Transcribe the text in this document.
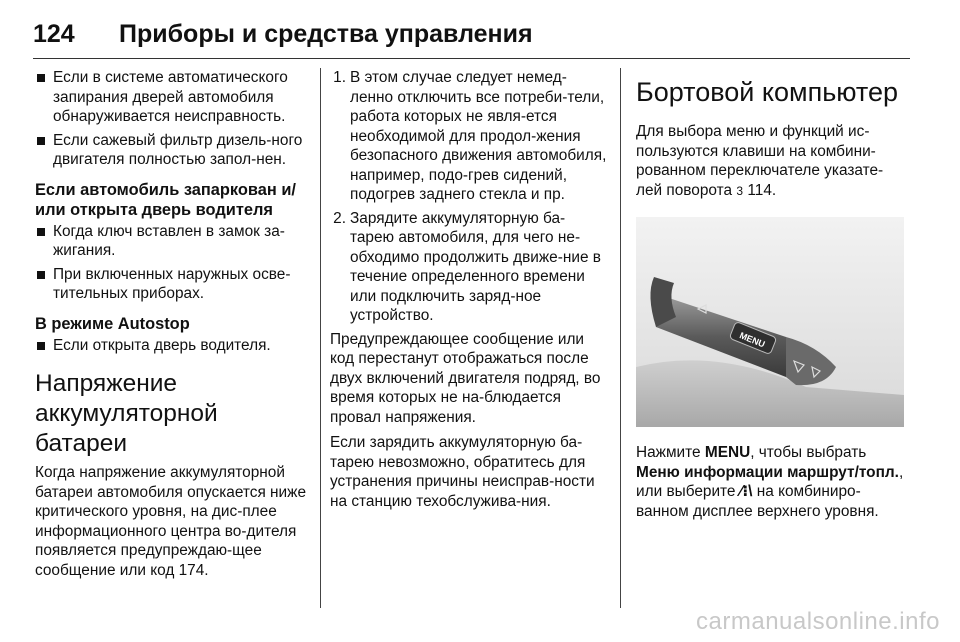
124 Приборы и средства управления
Если в системе автоматического запирания дверей автомобиля обнаруживается неисправность.
Если сажевый фильтр дизель-ного двигателя полностью запол-нен.
Если автомобиль запаркован и/или открыта дверь водителя
Когда ключ вставлен в замок за-жигания.
При включенных наружных осве-тительных приборах.
В режиме Autostop
Если открыта дверь водителя.
Напряжение аккумуляторной батареи

Когда напряжение аккумуляторной батареи автомобиля опускается ниже критического уровня, на дис-плее информационного центра во-дителя появляется предупреждаю-щее сообщение или код 174.

1. В этом случае следует немед-ленно отключить все потреби-тели, работа которых не явля-ется необходимой для продол-жения безопасного движения автомобиля, например, подо-грев сидений, подогрев заднего стекла и пр.
2. Зарядите аккумуляторную ба-тарею автомобиля, для чего не-обходимо продолжить движе-ние в течение определенного времени или подключить заряд-ное устройство.

Предупреждающее сообщение или код перестанут отображаться после двух включений двигателя подряд, во время которых не на-блюдается провал напряжения.

Если зарядить аккумуляторную ба-тарею невозможно, обратитесь для устранения причины неисправ-ности на станцию техобслужива-ния.

Бортовой компьютер

Для выбора меню и функций ис-пользуются клавиши на комбини-рованном переключателе указате-лей поворота 3 114.

MENU

Нажмите MENU, чтобы выбрать Меню информации маршрут/топл., или выберите ⁄⁝\ на комбиниро-ванном дисплее верхнего уровня.

carmanualsonline.info
